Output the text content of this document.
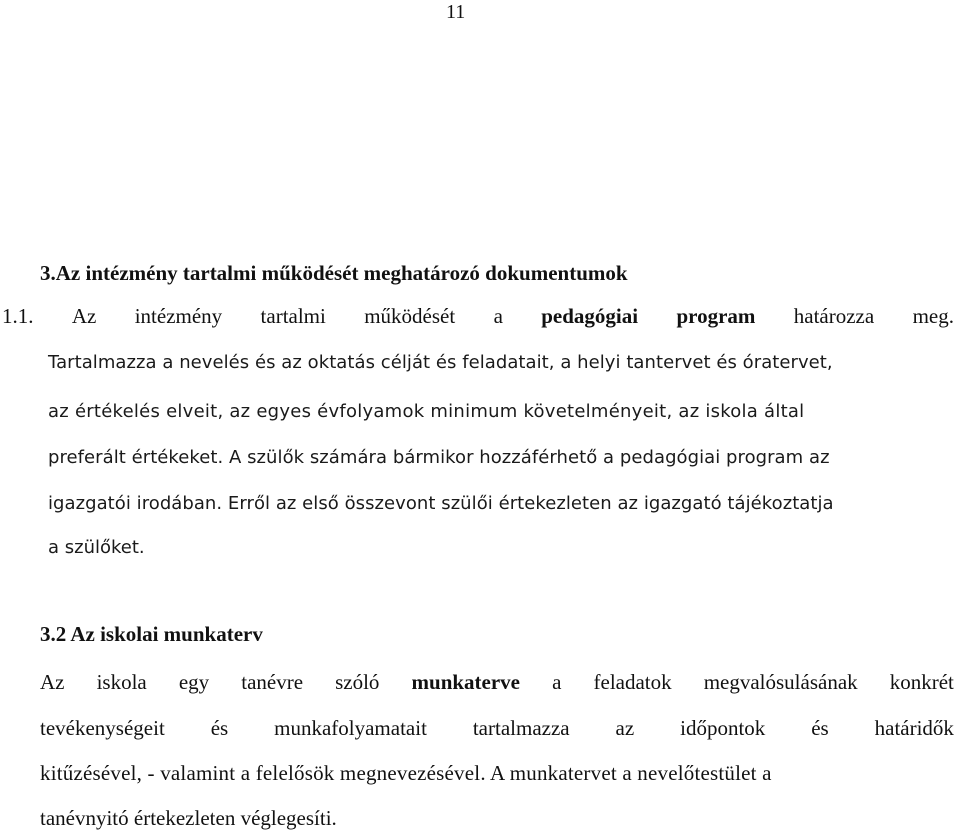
11
3.Az intézmény tartalmi működését meghatározó dokumentumok
1.1. Az intézmény tartalmi működését a pedagógiai program határozza meg.
Tartalmazza a nevelés és az oktatás célját és feladatait, a helyi tantervet és óratervet,
az értékelés elveit, az egyes évfolyamok minimum követelményeit, az iskola által
preferált értékeket. A szülők számára bármikor hozzáférhető a pedagógiai program az
igazgatói irodában. Erről az első összevont szülői értekezleten az igazgató tájékoztatja
a szülőket.
3.2 Az iskolai munkaterv
Az iskola egy tanévre szóló munkaterve a feladatok megvalósulásának konkrét
tevékenységeit és munkafolyamatait tartalmazza az időpontok és határidők
kitűzésével, - valamint a felelősök megnevezésével. A munkatervet a nevelőtestület a
tanévnyitó értekezleten véglegesíti.
